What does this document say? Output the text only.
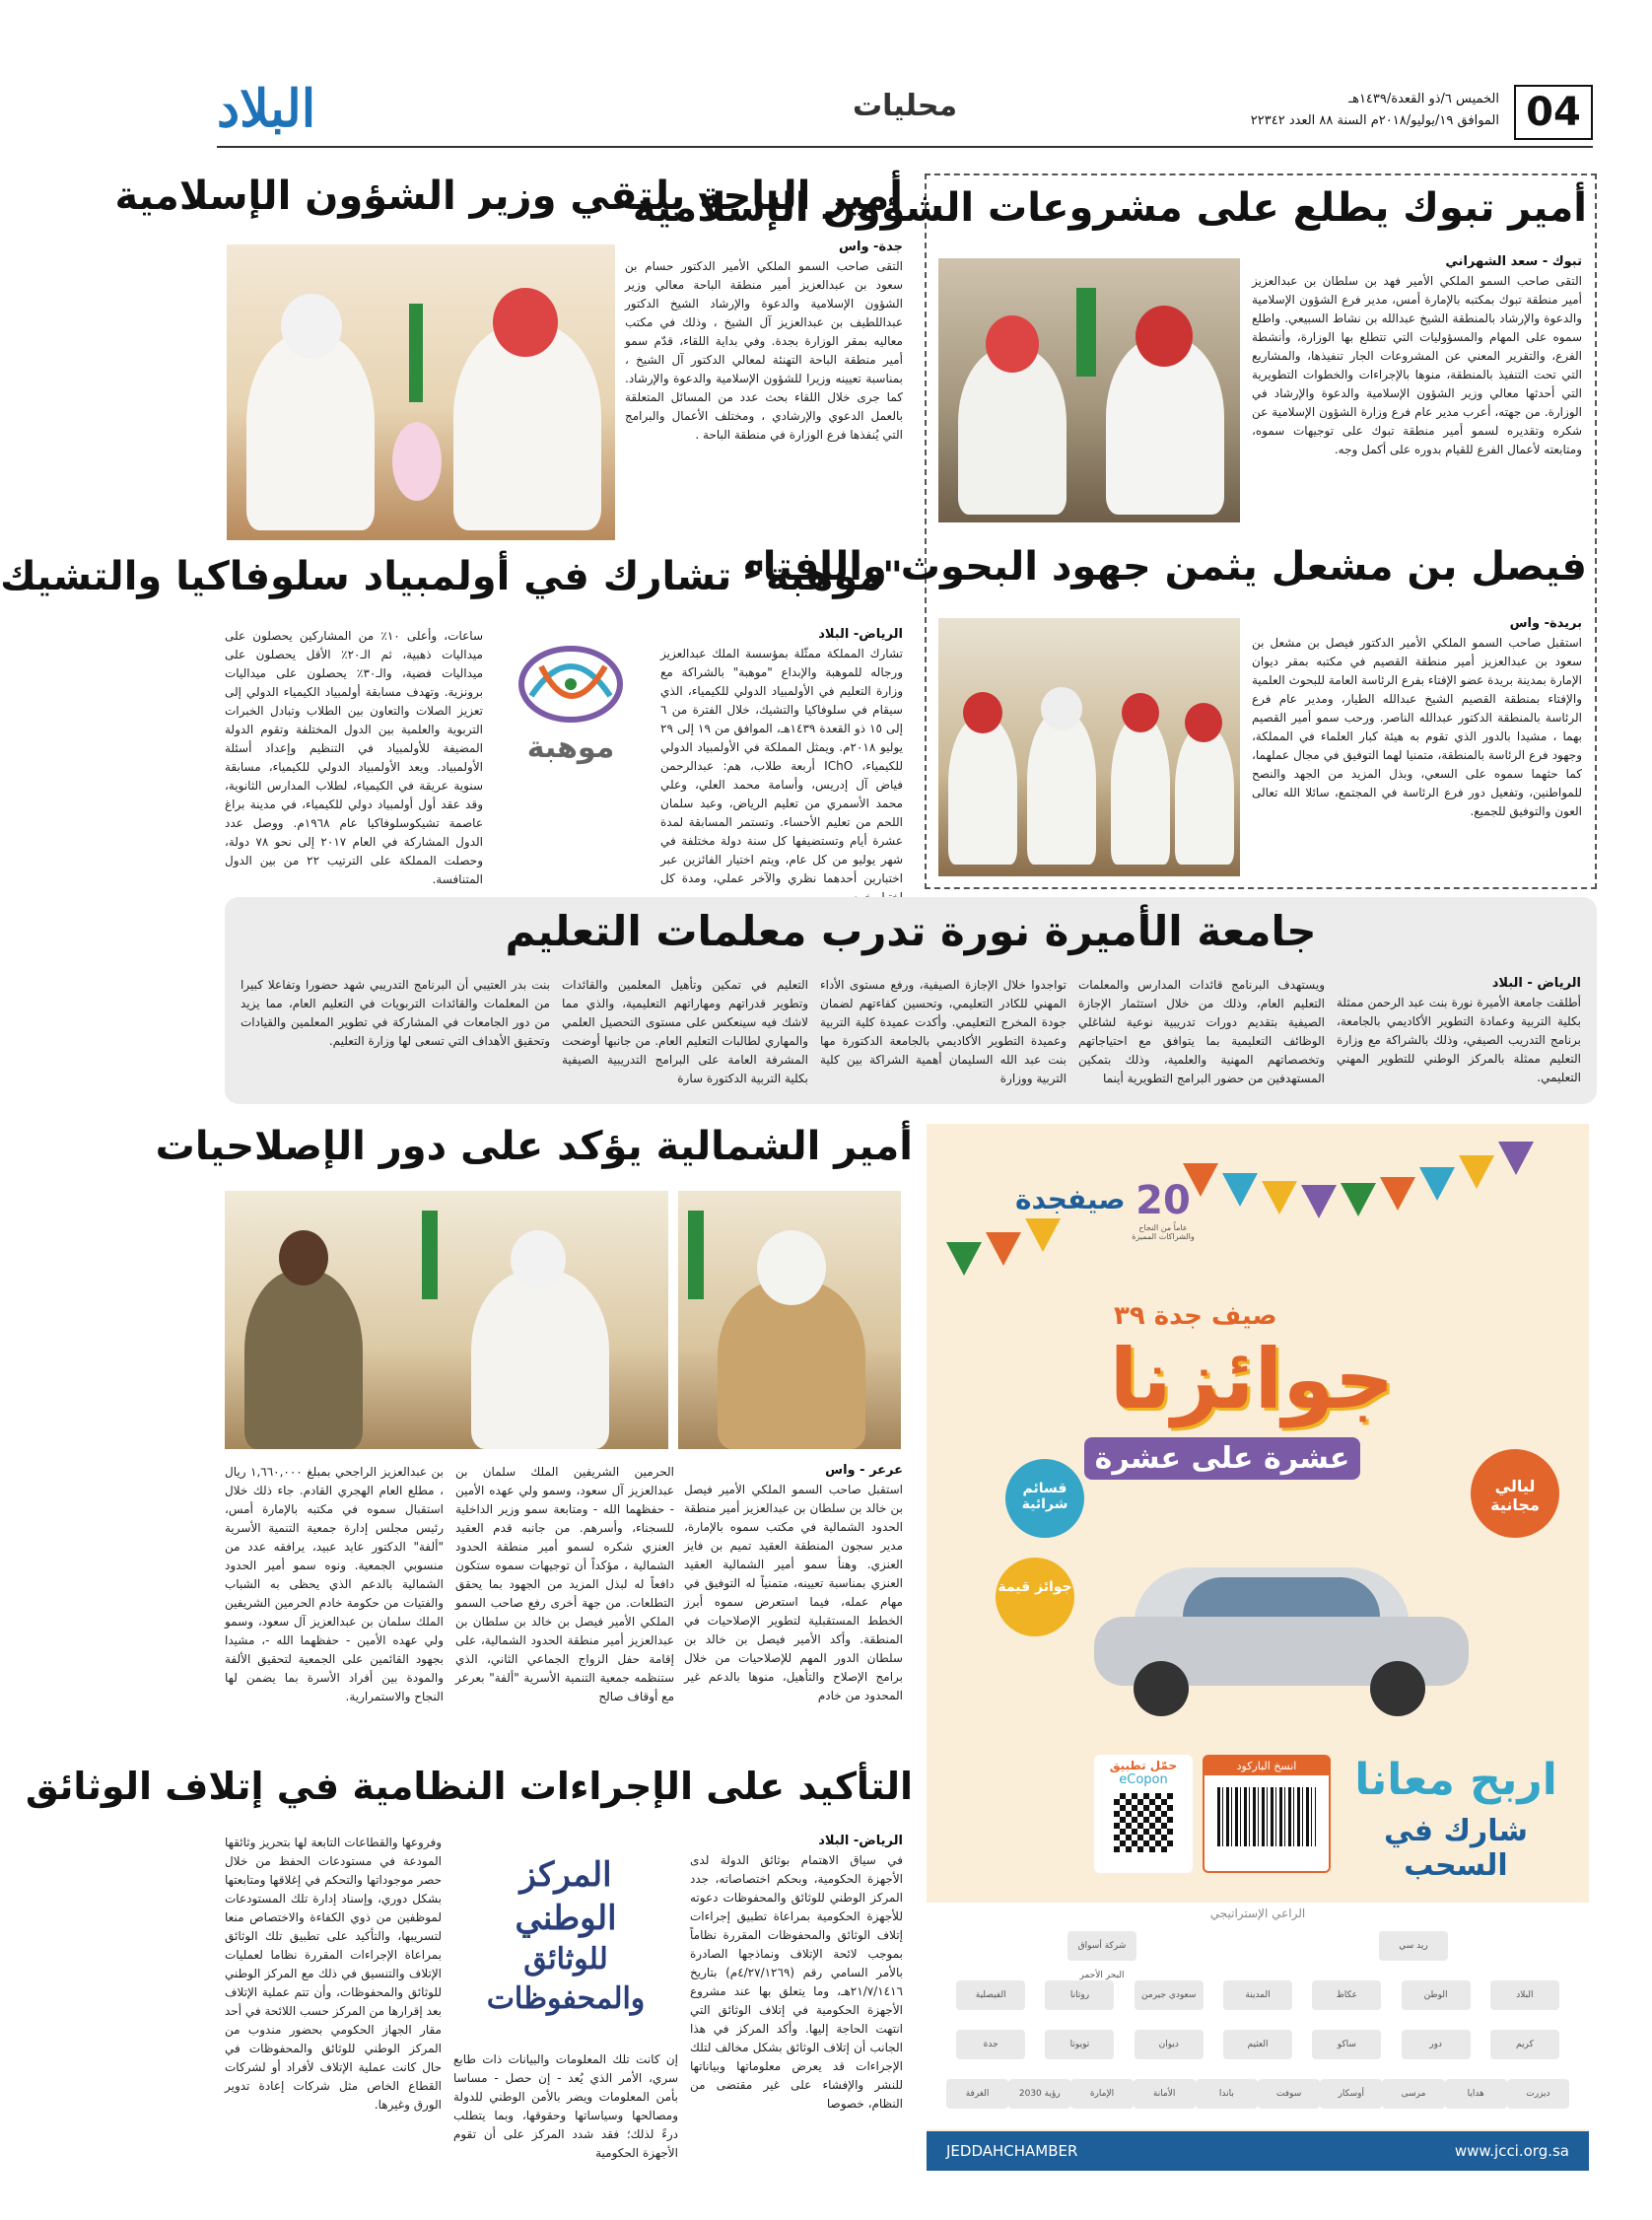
البلاد	محليات	04
الخميس ٦/ذو القعدة/١٤٣٩هـ
الموافق ١٩/يوليو/٢٠١٨م السنة ٨٨ العدد ٢٢٣٤٢
أمير تبوك يطلع على مشروعات الشؤون الإسلامية
تبوك - سعد الشهراني
التقى صاحب السمو الملكي الأمير فهد بن سلطان بن عبدالعزيز أمير منطقة تبوك بمكتبه بالإمارة أمس، مدير فرع الشؤون الإسلامية والدعوة والإرشاد بالمنطقة الشيخ عبدالله بن نشاط السبيعي. واطلع سموه على المهام والمسؤوليات التي تتطلع بها الوزارة، وأنشطة الفرع، والتقرير المعني عن المشروعات الجار تنفيذها، والمشاريع التي تحت التنفيذ بالمنطقة، منوها بالإجراءات والخطوات التطويرية التي أحدثها معالي وزير الشؤون الإسلامية والدعوة والإرشاد في الوزارة. من جهته، أعرب مدير عام فرع وزارة الشؤون الإسلامية عن شكره وتقديره لسمو أمير منطقة تبوك على توجيهات سموه، ومتابعته لأعمال الفرع للقيام بدوره على أكمل وجه.
فيصل بن مشعل يثمن جهود البحوث والإفتاء
بريدة- واس
استقبل صاحب السمو الملكي الأمير الدكتور فيصل بن مشعل بن سعود بن عبدالعزيز أمير منطقة القصيم في مكتبه بمقر ديوان الإمارة بمدينة بريدة عضو الإفتاء بفرع الرئاسة العامة للبحوث العلمية والإفتاء بمنطقة القصيم الشيخ عبدالله الطيار، ومدير عام فرع الرئاسة بالمنطقة الدكتور عبدالله الناصر. ورحب سمو أمير القصيم بهما ، مشيدا بالدور الذي تقوم به هيئة كبار العلماء في المملكة، وجهود فرع الرئاسة بالمنطقة، متمنيا لهما التوفيق في مجال عملهما، كما حثهما سموه على السعي، وبذل المزيد من الجهد والنصح للمواطنين، وتفعيل دور فرع الرئاسة في المجتمع، سائلا الله تعالى العون والتوفيق للجميع.
أمير الباحة يلتقي وزير الشؤون الإسلامية
جدة- واس
التقى صاحب السمو الملكي الأمير الدكتور حسام بن سعود بن عبدالعزيز أمير منطقة الباحة معالي وزير الشؤون الإسلامية والدعوة والإرشاد الشيخ الدكتور عبداللطيف بن عبدالعزيز آل الشيخ ، وذلك في مكتب معاليه بمقر الوزارة بجدة. وفي بداية اللقاء، قدّم سمو أمير منطقة الباحة التهنئة لمعالي الدكتور آل الشيخ ، بمناسبة تعيينه وزيرا للشؤون الإسلامية والدعوة والإرشاد. كما جرى خلال اللقاء بحث عدد من المسائل المتعلقة بالعمل الدعوي والإرشادي ، ومختلف الأعمال والبرامج التي يُنفذها فرع الوزارة في منطقة الباحة .
"موهبة" تشارك في أولمبياد سلوفاكيا والتشيك
الرياض- البلاد
تشارك المملكة ممثّلة بمؤسسة الملك عبدالعزيز ورجاله للموهبة والإبداع "موهبة" بالشراكة مع وزارة التعليم في الأولمبياد الدولي للكيمياء، الذي سيقام في سلوفاكيا والتشيك، خلال الفترة من ٦ إلى ١٥ ذو القعدة ١٤٣٩هـ، الموافق من ١٩ إلى ٢٩ يوليو ٢٠١٨م. ويمثل المملكة في الأولمبياد الدولي للكيمياء، IChO أربعة طلاب، هم: عبدالرحمن فياض آل إدريس، وأسامة محمد العلي، وعلي محمد الأسمري من تعليم الرياض، وعبد سلمان اللحم من تعليم الأحساء. وتستمر المسابقة لمدة عشرة أيام وتستضيفها كل سنة دولة مختلفة في شهر يوليو من كل عام، ويتم اختيار الفائزين عبر اختبارين أحدهما نظري والآخر عملي، ومدة كل
موهبة
ساعات، وأعلى ١٠٪ من المشاركين يحصلون على ميداليات ذهبية، ثم الـ٢٠٪ الأقل يحصلون على ميداليات فضية، والـ٣٠٪ يحصلون على ميداليات برونزية. وتهدف مسابقة أولمبياد الكيمياء الدولي إلى تعزيز الصلات والتعاون بين الطلاب وتبادل الخبرات التربوية والعلمية بين الدول المختلفة وتقوم الدولة المضيفة للأولمبياد في التنظيم وإعداد أسئلة الأولمبياد. ويعد الأولمبياد الدولي للكيمياء، مسابقة سنوية عريقة في الكيمياء، لطلاب المدارس الثانوية، وقد عقد أول أولمبياد دولي للكيمياء، في مدينة براغ عاصمة تشيكوسلوفاكيا عام ١٩٦٨م. ووصل عدد الدول المشاركة في العام ٢٠١٧ إلى نحو ٧٨ دولة، وحصلت المملكة على الترتيب ٢٢ من بين الدول المتنافسة.
جامعة الأميرة نورة تدرب معلمات التعليم
الرياض - البلاد
أطلقت جامعة الأميرة نورة بنت عبد الرحمن ممثلة بكلية التربية وعمادة التطوير الأكاديمي بالجامعة، برنامج التدريب الصيفي، وذلك بالشراكة مع وزارة التعليم ممثلة بالمركز الوطني للتطوير المهني التعليمي.
ويستهدف البرنامج قائدات المدارس والمعلمات التعليم العام، وذلك من خلال استثمار الإجازة الصيفية بتقديم دورات تدريبية نوعية لشاغلي الوظائف التعليمية بما يتوافق مع احتياجاتهم وتخصصاتهم المهنية والعلمية، وذلك بتمكين المستهدفين من حضور البرامج التطويرية أينما
تواجدوا خلال الإجازة الصيفية، ورفع مستوى الأداء المهني للكادر التعليمي، وتحسين كفاءتهم لضمان جودة المخرج التعليمي. وأكدت عميدة كلية التربية وعميدة التطوير الأكاديمي بالجامعة الدكتورة مها بنت عبد الله السليمان أهمية الشراكة بين كلية التربية ووزارة
التعليم في تمكين وتأهيل المعلمين والقائدات وتطوير قدراتهم ومهاراتهم التعليمية، والذي مما لاشك فيه سينعكس على مستوى التحصيل العلمي والمهاري لطالبات التعليم العام. من جانبها أوضحت المشرفة العامة على البرامج التدريبية الصيفية بكلية التربية الدكتورة سارة
بنت بدر العتيبي أن البرنامج التدريبي شهد حضورا وتفاعلا كبيرا من المعلمات والقائدات التربويات في التعليم العام، مما يزيد من دور الجامعات في المشاركة في تطوير المعلمين والقيادات وتحقيق الأهداف التي تسعى لها وزارة التعليم.
أمير الشمالية يؤكد على دور الإصلاحيات
عرعر - واس
استقبل صاحب السمو الملكي الأمير فيصل بن خالد بن سلطان بن عبدالعزيز أمير منطقة الحدود الشمالية في مكتب سموه بالإمارة، مدير سجون المنطقة العقيد تميم بن فايز العنزي. وهنأ سمو أمير الشمالية العقيد العنزي بمناسبة تعيينه، متمنياً له التوفيق في مهام عمله، فيما استعرض سموه أبرز الخطط المستقبلية لتطوير الإصلاحيات في المنطقة. وأكد الأمير فيصل بن خالد بن سلطان الدور المهم للإصلاحيات من خلال برامج الإصلاح والتأهيل، منوها بالدعم غير المحدود من خادم
الحرمين الشريفين الملك سلمان بن عبدالعزيز آل سعود، وسمو ولي عهده الأمين - حفظهما الله - ومتابعة سمو وزير الداخلية للسجناء، وأسرهم. من جانبه قدم العقيد العنزي شكره لسمو أمير منطقة الحدود الشمالية ، مؤكداً أن توجيهات سموه ستكون دافعاً له لبذل المزيد من الجهود بما يحقق التطلعات. من جهة أخرى رفع صاحب السمو الملكي الأمير فيصل بن خالد بن سلطان بن عبدالعزيز أمير منطقة الحدود الشمالية، على إقامة حفل الزواج الجماعي الثاني، الذي ستنظمه جمعية التنمية الأسرية "ألفة" بعرعر مع أوقاف صالح
بن عبدالعزيز الراجحي بمبلغ ١,٦٦٠,٠٠٠ ريال ، مطلع العام الهجري القادم. جاء ذلك خلال استقبال سموه في مكتبه بالإمارة أمس، رئيس مجلس إدارة جمعية التنمية الأسرية "ألفة" الدكتور عايد عبيد، يرافقه عدد من منسوبي الجمعية. ونوه سمو أمير الحدود الشمالية بالدعم الذي يحظى به الشباب والفتيات من حكومة خادم الحرمين الشريفين الملك سلمان بن عبدالعزيز آل سعود، وسمو ولي عهده الأمين - حفظهما الله -، مشيدا بجهود القائمين على الجمعية لتحقيق الألفة والمودة بين أفراد الأسرة بما يضمن لها النجاح والاستمرارية.
التأكيد على الإجراءات النظامية في إتلاف الوثائق
الرياض- البلاد
في سياق الاهتمام بوثائق الدولة لدى الأجهزة الحكومية، وبحكم اختصاصاته، جدد المركز الوطني للوثائق والمحفوظات دعوته للأجهزة الحكومية بمراعاة تطبيق إجراءات إتلاف الوثائق والمحفوظات المقررة نظاماً بموجب لائحة الإتلاف ونماذجها الصادرة بالأمر السامي رقم (٤/٢٧/١٢٦٩م) بتاريخ ٢١/٧/١٤١٦هـ، وما يتعلق بها عند مشروع الأجهزة الحكومية في إتلاف الوثائق التي انتهت الحاجة إليها. وأكد المركز في هذا الجانب أن إتلاف الوثائق بشكل مخالف لتلك الإجراءات قد يعرض معلوماتها وبياناتها للنشر والإفشاء على غير مقتضى من النظام، خصوصا
المركز
الوطني
للوثائق
والمحفوظات
إن كانت تلك المعلومات والبيانات ذات طابع سري، الأمر الذي يُعد - إن حصل - مساسا بأمن المعلومات ويضر بالأمن الوطني للدولة ومصالحها وسياساتها وحقوقها، وبما يتطلب درءً لذلك؛ فقد شدد المركز على أن تقوم الأجهزة الحكومية
وفروعها والقطاعات التابعة لها بتحريز وثائقها المودعة في مستودعات الحفظ من خلال حصر موجوداتها والتحكم في إغلاقها ومتابعتها بشكل دوري، وإسناد إدارة تلك المستودعات لموظفين من ذوي الكفاءة والاختصاص منعا لتسريبها، والتأكيد على تطبيق تلك الوثائق بمراعاة الإجراءات المقررة نظاما لعمليات الإتلاف والتنسيق في ذلك مع المركز الوطني للوثائق والمحفوظات، وأن تتم عملية الإتلاف بعد إقرارها من المركز حسب اللائحة في أحد مقار الجهاز الحكومي بحضور مندوب من المركز الوطني للوثائق والمحفوظات في حال كانت عملية الإتلاف لأفراد أو لشركات القطاع الخاص مثل شركات إعادة تدوير الورق وغيرها.
صيفجدة 20
عاماً من النجاح والشراكات المميزة
صيف جدة ٣٩
جوائزنا
عشرة على عشرة
ليالي مجانية
قسائم شرائية
جوائز قيمة
انسخ الباركود
حمّل تطبيق
eCopon	اربح معانا
شارك في السحب
الراعي الإستراتيجي
ريد سي
شركة أسواق البحر الأحمر
البلاد
الوطن
عكاظ
المدينة
سعودي جيرمن
روتانا
الفيصلية
كريم
دور
ساكو
العثيم
ديوان
تويوتا
جدة
ديزرت
هدايا
مرسى
أوسكار
سوفت
باندا
الأمانة
الإمارة
رؤية 2030
الغرفة
JEDDAHCHAMBER	www.jcci.org.sa
